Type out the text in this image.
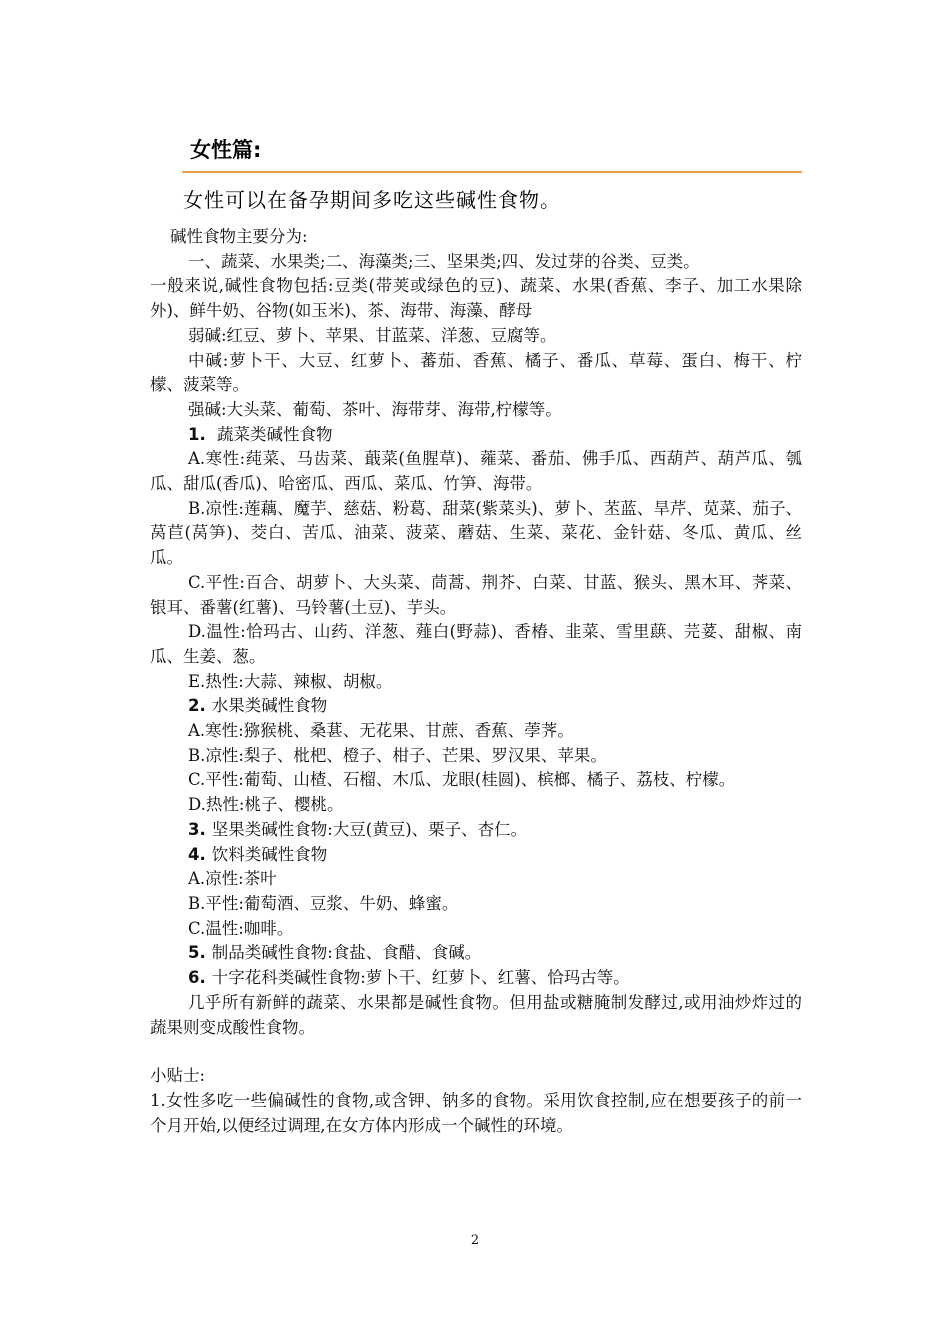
女性篇:
女性可以在备孕期间多吃这些碱性食物。

碱性食物主要分为:

一、蔬菜、水果类;二、海藻类;三、坚果类;四、发过芽的谷类、豆类。

一般来说,碱性食物包括:豆类(带荚或绿色的豆)、蔬菜、水果(香蕉、李子、加工水果除外)、鲜牛奶、谷物(如玉米)、茶、海带、海藻、酵母

弱碱:红豆、萝卜、苹果、甘蓝菜、洋葱、豆腐等。

中碱:萝卜干、大豆、红萝卜、蕃茄、香蕉、橘子、番瓜、草莓、蛋白、梅干、柠檬、菠菜等。

强碱:大头菜、葡萄、茶叶、海带芽、海带,柠檬等。

1. 蔬菜类碱性食物

A.寒性:莼菜、马齿菜、蕺菜(鱼腥草)、蕹菜、番茄、佛手瓜、西葫芦、葫芦瓜、瓠瓜、甜瓜(香瓜)、哈密瓜、西瓜、菜瓜、竹笋、海带。

B.凉性:莲藕、魔芋、慈菇、粉葛、甜菜(紫菜头)、萝卜、苤蓝、旱芹、苋菜、茄子、莴苣(莴笋)、茭白、苦瓜、油菜、菠菜、蘑菇、生菜、菜花、金针菇、冬瓜、黄瓜、丝瓜。

C.平性:百合、胡萝卜、大头菜、茼蒿、荆芥、白菜、甘蓝、猴头、黑木耳、荠菜、银耳、番薯(红薯)、马铃薯(土豆)、芋头。

D.温性:恰玛古、山药、洋葱、薤白(野蒜)、香椿、韭菜、雪里蕻、芫荽、甜椒、南瓜、生姜、葱。

E.热性:大蒜、辣椒、胡椒。

2. 水果类碱性食物

A.寒性:猕猴桃、桑葚、无花果、甘蔗、香蕉、荸荠。

B.凉性:梨子、枇杷、橙子、柑子、芒果、罗汉果、苹果。

C.平性:葡萄、山楂、石榴、木瓜、龙眼(桂圆)、槟榔、橘子、荔枝、柠檬。

D.热性:桃子、樱桃。

3. 坚果类碱性食物:大豆(黄豆)、栗子、杏仁。

4. 饮料类碱性食物

A.凉性:茶叶

B.平性:葡萄酒、豆浆、牛奶、蜂蜜。

C.温性:咖啡。

5. 制品类碱性食物:食盐、食醋、食碱。

6. 十字花科类碱性食物:萝卜干、红萝卜、红薯、恰玛古等。

几乎所有新鲜的蔬菜、水果都是碱性食物。但用盐或糖腌制发酵过,或用油炒炸过的蔬果则变成酸性食物。

小贴士:

1.女性多吃一些偏碱性的食物,或含钾、钠多的食物。采用饮食控制,应在想要孩子的前一个月开始,以便经过调理,在女方体内形成一个碱性的环境。

2
